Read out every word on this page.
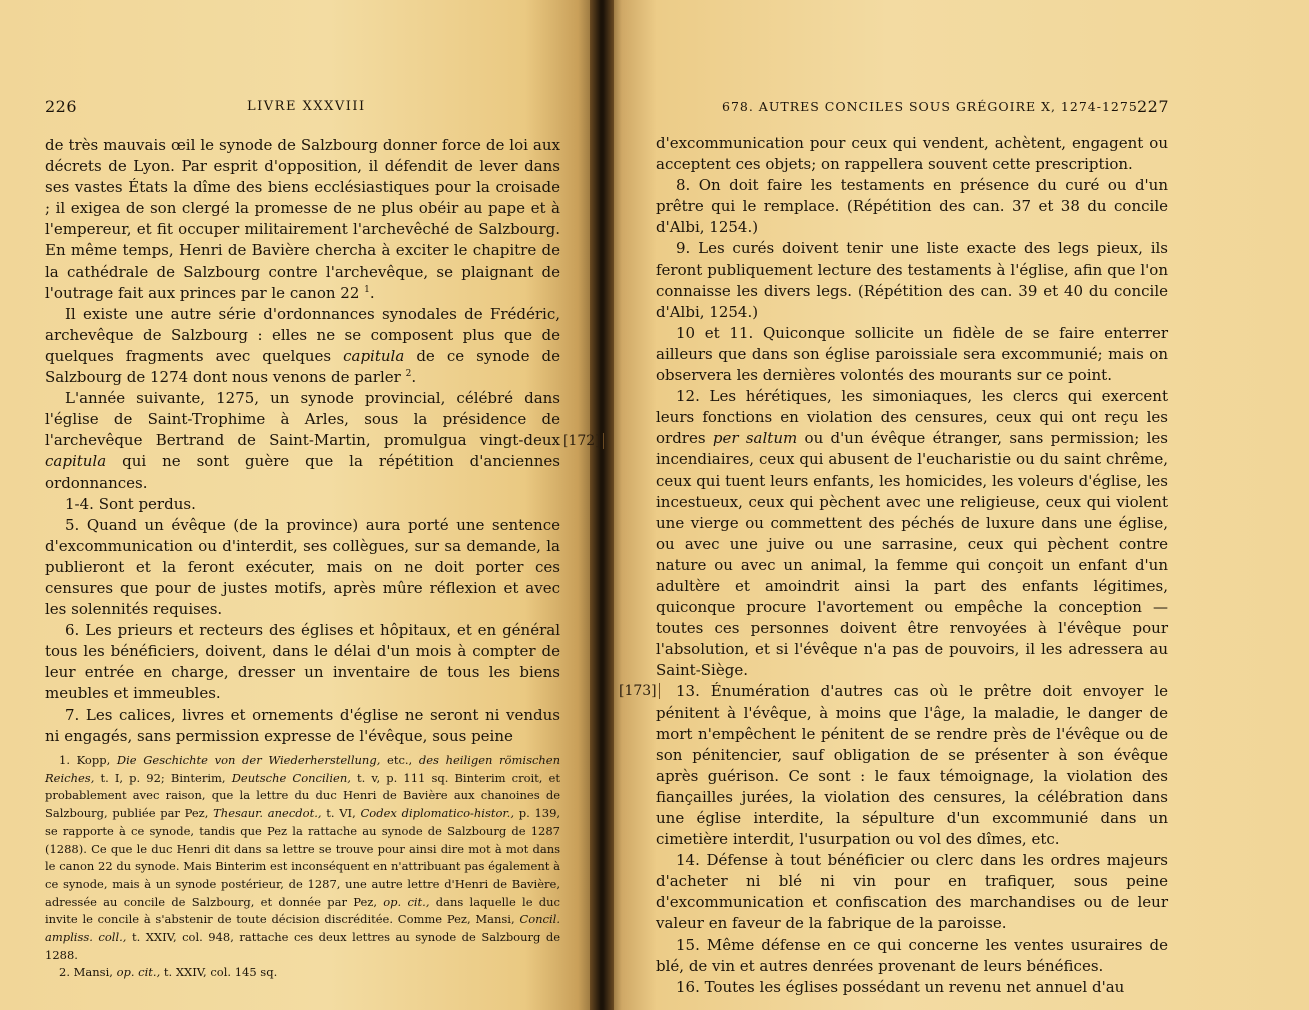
226	LIVRE XXXVIII	678. AUTRES CONCILES SOUS GRÉGOIRE X, 1274-1275 227

de très mauvais œil le synode de Salzbourg donner force de loi aux décrets de Lyon. Par esprit d'opposition, il défendit de lever dans ses vastes États la dîme des biens ecclésiastiques pour la croisade ; il exigea de son clergé la promesse de ne plus obéir au pape et à l'empereur, et fit occuper militairement l'archevêché de Salzbourg. En même temps, Henri de Bavière chercha à exciter le chapitre de la cathédrale de Salzbourg contre l'archevêque, se plaignant de l'outrage fait aux princes par le canon 22 $^1$.

Il existe une autre série d'ordonnances synodales de Frédéric, archevêque de Salzbourg : elles ne se composent plus que de quelques fragments avec quelques capitula de ce synode de Salzbourg de 1274 dont nous venons de parler $^2$.

L'année suivante, 1275, un synode provincial, célébré dans l'église de Saint-Trophime à Arles, sous la présidence de l'archevêque Bertrand de Saint-Martin, promulgua vingt-deux capitula qui ne sont guère que la répétition d'anciennes ordonnances.

1-4. Sont perdus.

5. Quand un évêque (de la province) aura porté une sentence d'excommunication ou d'interdit, ses collègues, sur sa demande, la publieront et la feront exécuter, mais on ne doit porter ces censures que pour de justes motifs, après mûre réflexion et avec les solennités requises.

6. Les prieurs et recteurs des églises et hôpitaux, et en général tous les bénéficiers, doivent, dans le délai d'un mois à compter de leur entrée en charge, dresser un inventaire de tous les biens meubles et immeubles.

7. Les calices, livres et ornements d'église ne seront ni vendus ni engagés, sans permission expresse de l'évêque, sous peine

[172]

1. Kopp, Die Geschichte von der Wiederherstellung, etc., des heiligen römischen Reiches, t. I, p. 92; Binterim, Deutsche Concilien, t. v, p. 111 sq. Binterim croit, et probablement avec raison, que la lettre du duc Henri de Bavière aux chanoines de Salzbourg, publiée par Pez, Thesaur. anecdot., t. VI, Codex diplomatico-histor., p. 139, se rapporte à ce synode, tandis que Pez la rattache au synode de Salzbourg de 1287 (1288). Ce que le duc Henri dit dans sa lettre se trouve pour ainsi dire mot à mot dans le canon 22 du synode. Mais Binterim est inconséquent en n'attribuant pas également à ce synode, mais à un synode postérieur, de 1287, une autre lettre d'Henri de Bavière, adressée au concile de Salzbourg, et donnée par Pez, op. cit., dans laquelle le duc invite le concile à s'abstenir de toute décision discréditée. Comme Pez, Mansi, Concil. ampliss. coll., t. XXIV, col. 948, rattache ces deux lettres au synode de Salzbourg de 1288.

2. Mansi, op. cit., t. XXIV, col. 145 sq.

d'excommunication pour ceux qui vendent, achètent, engagent ou acceptent ces objets; on rappellera souvent cette prescription.

8. On doit faire les testaments en présence du curé ou d'un prêtre qui le remplace. (Répétition des can. 37 et 38 du concile d'Albi, 1254.)

9. Les curés doivent tenir une liste exacte des legs pieux, ils feront publiquement lecture des testaments à l'église, afin que l'on connaisse les divers legs. (Répétition des can. 39 et 40 du concile d'Albi, 1254.)

10 et 11. Quiconque sollicite un fidèle de se faire enterrer ailleurs que dans son église paroissiale sera excommunié; mais on observera les dernières volontés des mourants sur ce point.

12. Les hérétiques, les simoniaques, les clercs qui exercent leurs fonctions en violation des censures, ceux qui ont reçu les ordres per saltum ou d'un évêque étranger, sans permission; les incendiaires, ceux qui abusent de l'eucharistie ou du saint chrême, ceux qui tuent leurs enfants, les homicides, les voleurs d'église, les incestueux, ceux qui pèchent avec une religieuse, ceux qui violent une vierge ou commettent des péchés de luxure dans une église, ou avec une juive ou une sarrasine, ceux qui pèchent contre nature ou avec un animal, la femme qui conçoit un enfant d'un adultère et amoindrit ainsi la part des enfants légitimes, quiconque procure l'avortement ou empêche la conception — toutes ces personnes doivent être renvoyées à l'évêque pour l'absolution, et si l'évêque n'a pas de pouvoirs, il les adressera au Saint-Siège.

13. Énumération d'autres cas où le prêtre doit envoyer le pénitent à l'évêque, à moins que l'âge, la maladie, le danger de mort n'empêchent le pénitent de se rendre près de l'évêque ou de son pénitencier, sauf obligation de se présenter à son évêque après guérison. Ce sont : le faux témoignage, la violation des fiançailles jurées, la violation des censures, la célébration dans une église interdite, la sépulture d'un excommunié dans un cimetière interdit, l'usurpation ou vol des dîmes, etc.

14. Défense à tout bénéficier ou clerc dans les ordres majeurs d'acheter ni blé ni vin pour en trafiquer, sous peine d'excommunication et confiscation des marchandises ou de leur valeur en faveur de la fabrique de la paroisse.

15. Même défense en ce qui concerne les ventes usuraires de blé, de vin et autres denrées provenant de leurs bénéfices.

16. Toutes les églises possédant un revenu net annuel d'au

[173]
